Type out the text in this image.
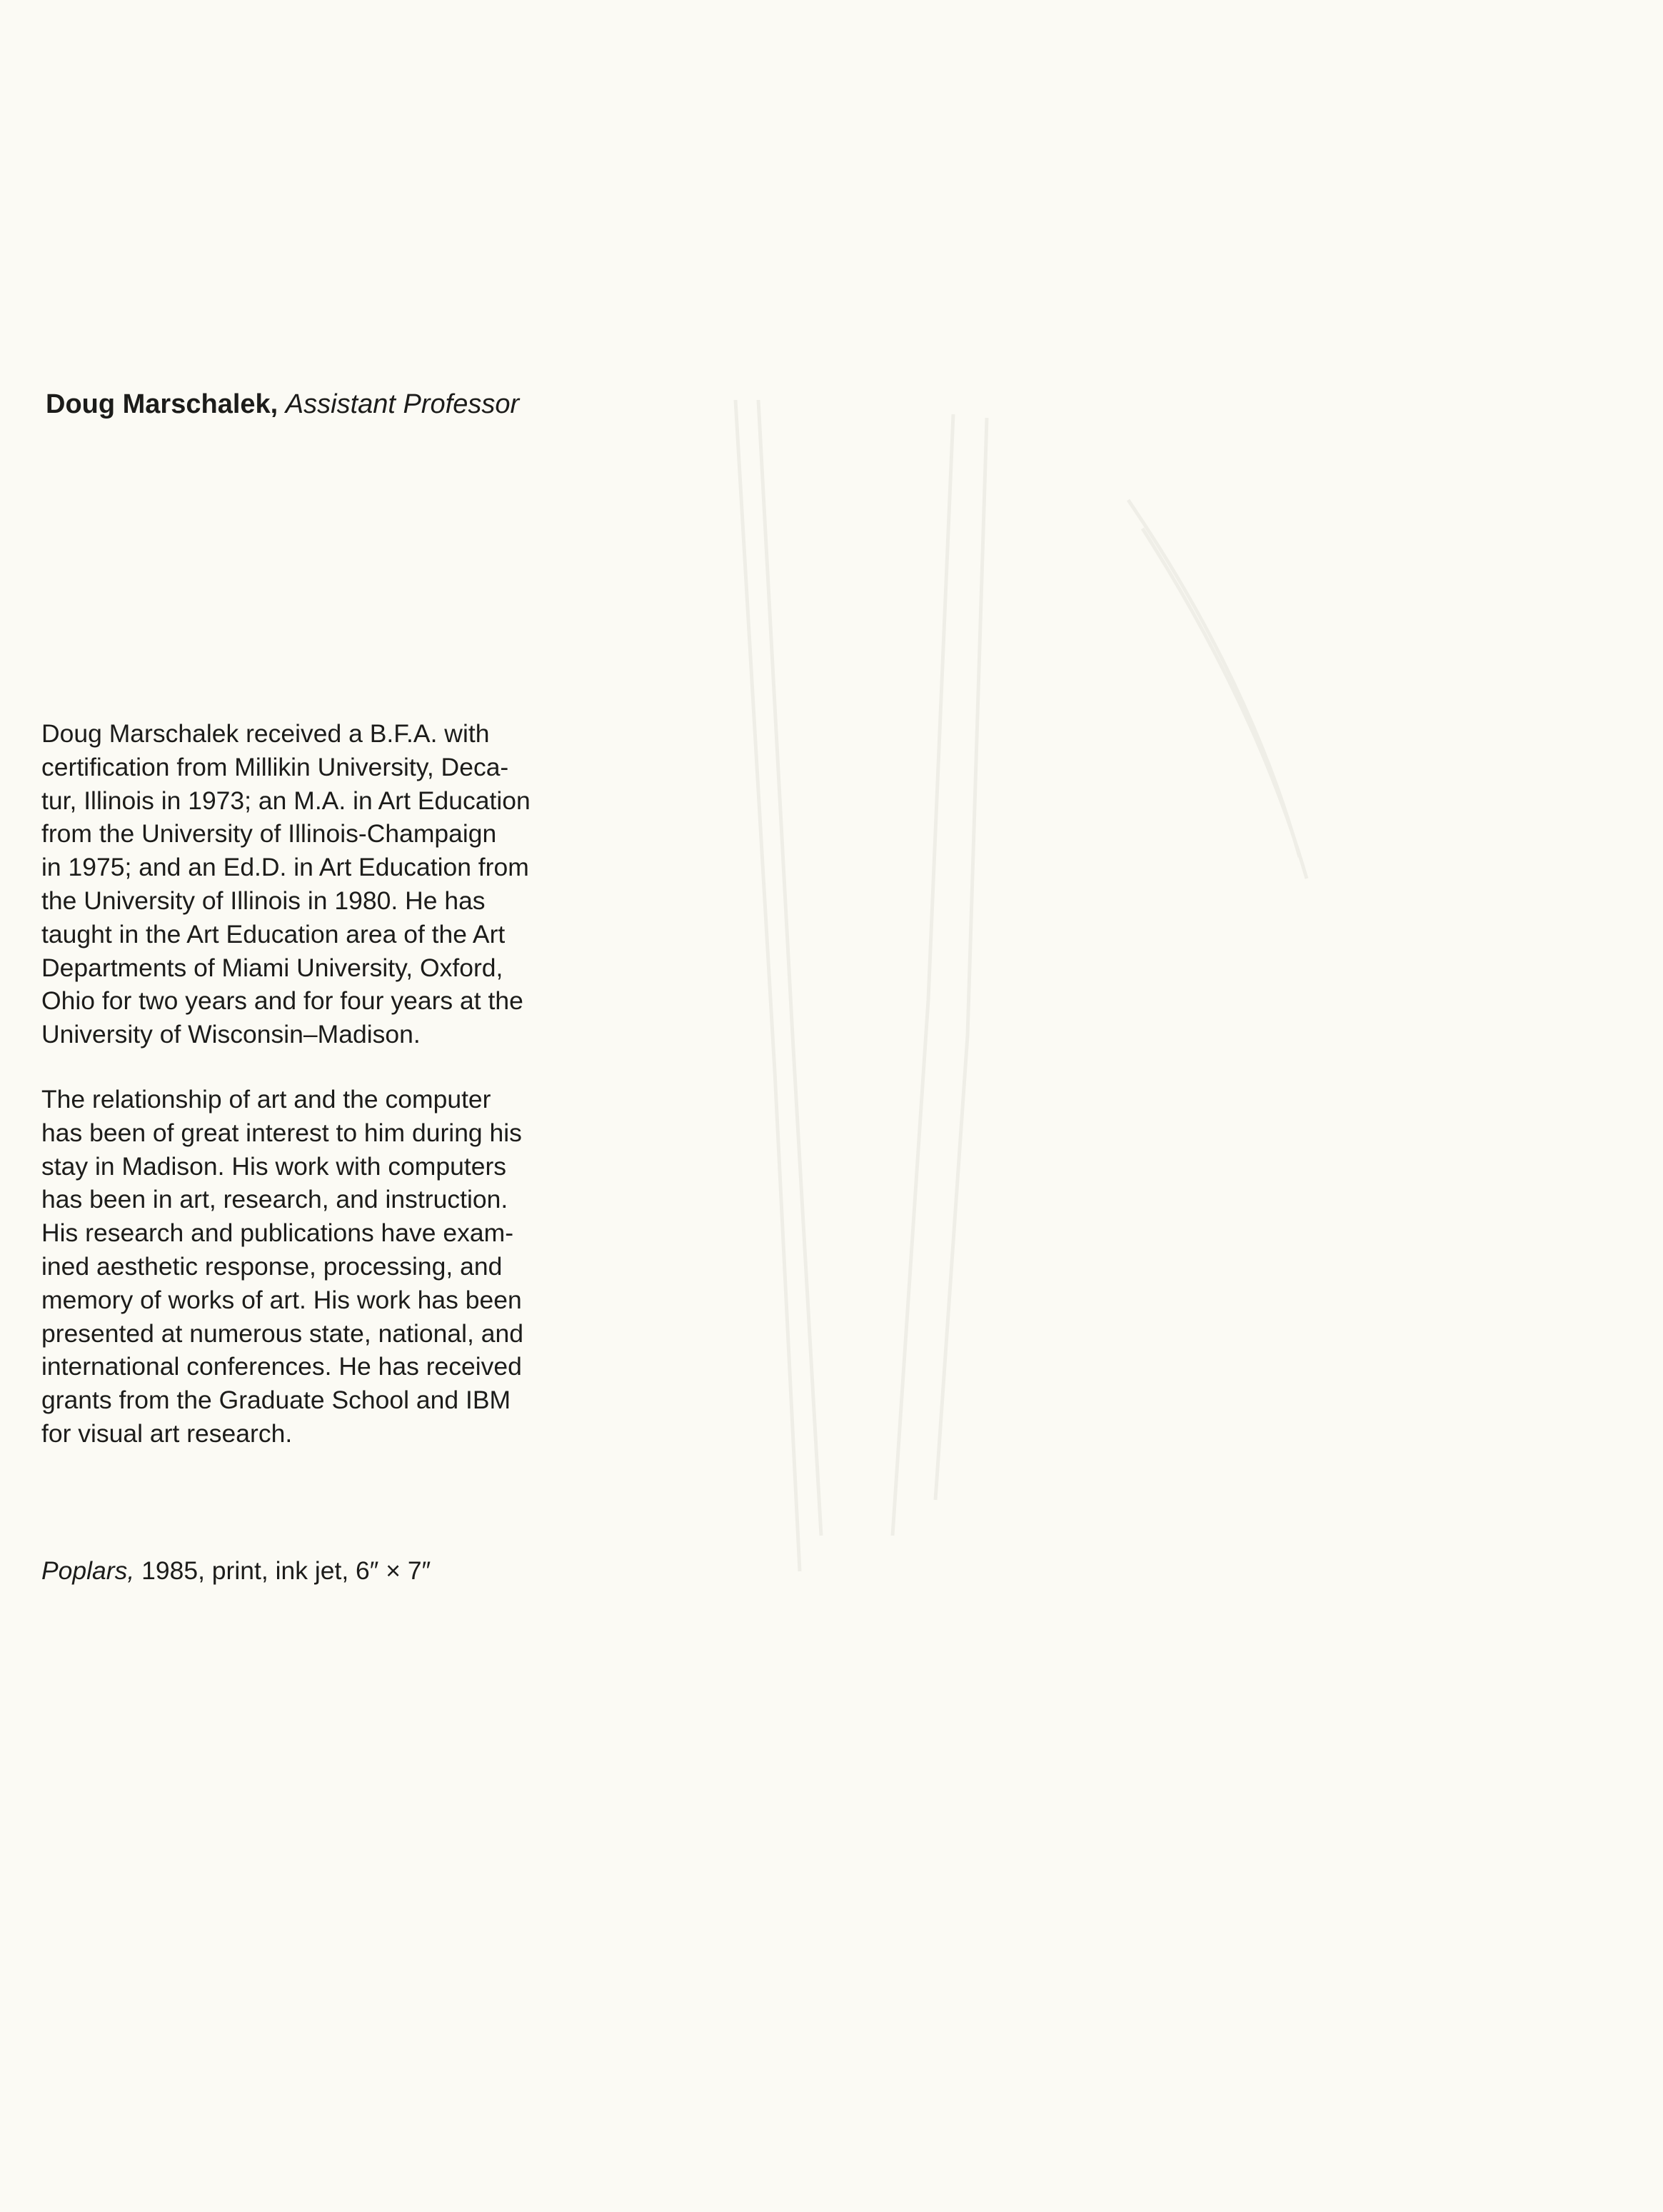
Doug Marschalek, Assistant Professor

Doug Marschalek received a B.F.A. with
certification from Millikin University, Deca-
tur, Illinois in 1973; an M.A. in Art Education
from the University of Illinois-Champaign
in 1975; and an Ed.D. in Art Education from
the University of Illinois in 1980. He has
taught in the Art Education area of the Art
Departments of Miami University, Oxford,
Ohio for two years and for four years at the
University of Wisconsin–Madison.

The relationship of art and the computer
has been of great interest to him during his
stay in Madison. His work with computers
has been in art, research, and instruction.
His research and publications have exam-
ined aesthetic response, processing, and
memory of works of art. His work has been
presented at numerous state, national, and
international conferences. He has received
grants from the Graduate School and IBM
for visual art research.

Poplars, 1985, print, ink jet, 6″ × 7″
